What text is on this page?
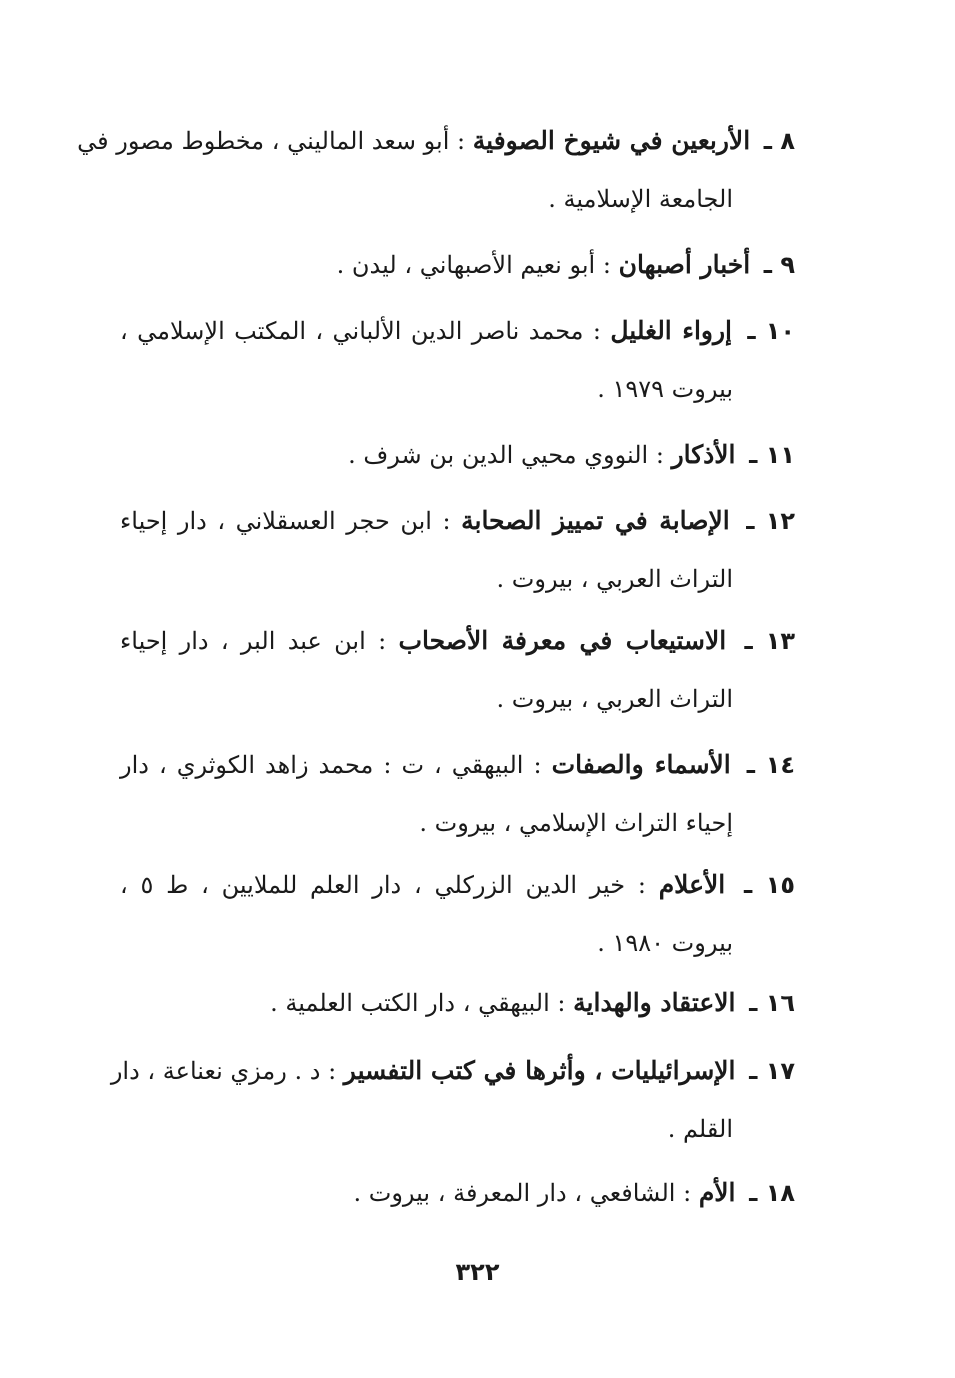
٨ ـ الأربعين في شيوخ الصوفية : أبو سعد الماليني ، مخطوط مصور في
الجامعة الإسلامية .
٩ ـ أخبار أصبهان : أبو نعيم الأصبهاني ، ليدن .
١٠ ـ إرواء الغليل : محمد ناصر الدين الألباني ، المكتب الإسلامي ،
بيروت ١٩٧٩ .
١١ ـ الأذكار : النووي محيي الدين بن شرف .
١٢ ـ الإصابة في تمييز الصحابة : ابن حجر العسقلاني ، دار إحياء
التراث العربي ، بيروت .
١٣ ـ الاستيعاب في معرفة الأصحاب : ابن عبد البر ، دار إحياء
التراث العربي ، بيروت .
١٤ ـ الأسماء والصفات : البيهقي ، ت : محمد زاهد الكوثري ، دار
إحياء التراث الإسلامي ، بيروت .
١٥ ـ الأعلام : خير الدين الزركلي ، دار العلم للملايين ، ط ٥ ،
بيروت ١٩٨٠ .
١٦ ـ الاعتقاد والهداية : البيهقي ، دار الكتب العلمية .
١٧ ـ الإسرائيليات ، وأثرها في كتب التفسير : د . رمزي نعناعة ، دار
القلم .
١٨ ـ الأم : الشافعي ، دار المعرفة ، بيروت .
٣٢٢
